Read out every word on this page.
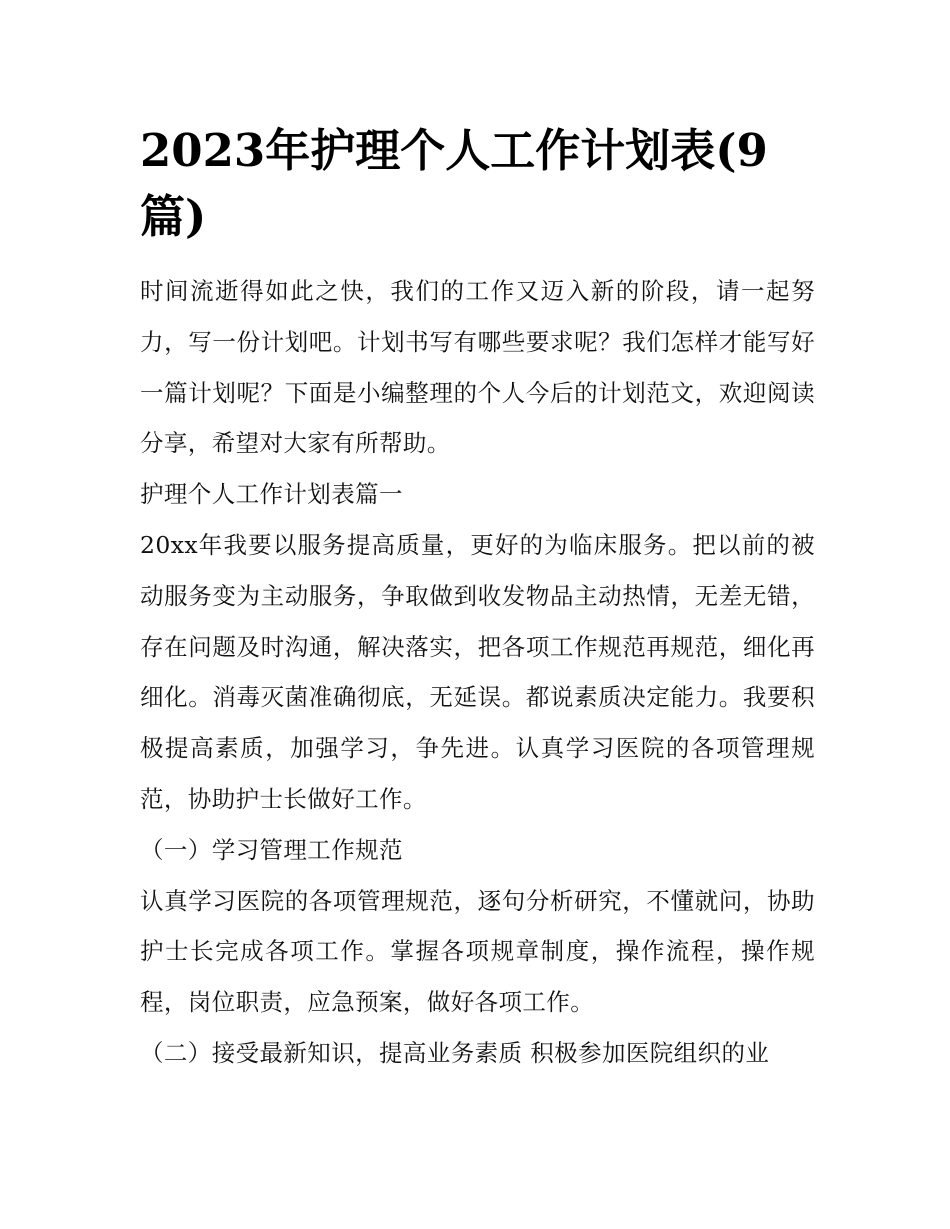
2023年护理个人工作计划表(9篇)

时间流逝得如此之快，我们的工作又迈入新的阶段，请一起努力，写一份计划吧。计划书写有哪些要求呢？我们怎样才能写好一篇计划呢？下面是小编整理的个人今后的计划范文，欢迎阅读分享，希望对大家有所帮助。

护理个人工作计划表篇一

20xx年我要以服务提高质量，更好的为临床服务。把以前的被动服务变为主动服务，争取做到收发物品主动热情，无差无错，存在问题及时沟通，解决落实，把各项工作规范再规范，细化再细化。消毒灭菌准确彻底，无延误。都说素质决定能力。我要积极提高素质，加强学习，争先进。认真学习医院的各项管理规范，协助护士长做好工作。

（一）学习管理工作规范

认真学习医院的各项管理规范，逐句分析研究，不懂就问，协助护士长完成各项工作。掌握各项规章制度，操作流程，操作规程，岗位职责，应急预案，做好各项工作。

（二）接受最新知识，提高业务素质 积极参加医院组织的业
